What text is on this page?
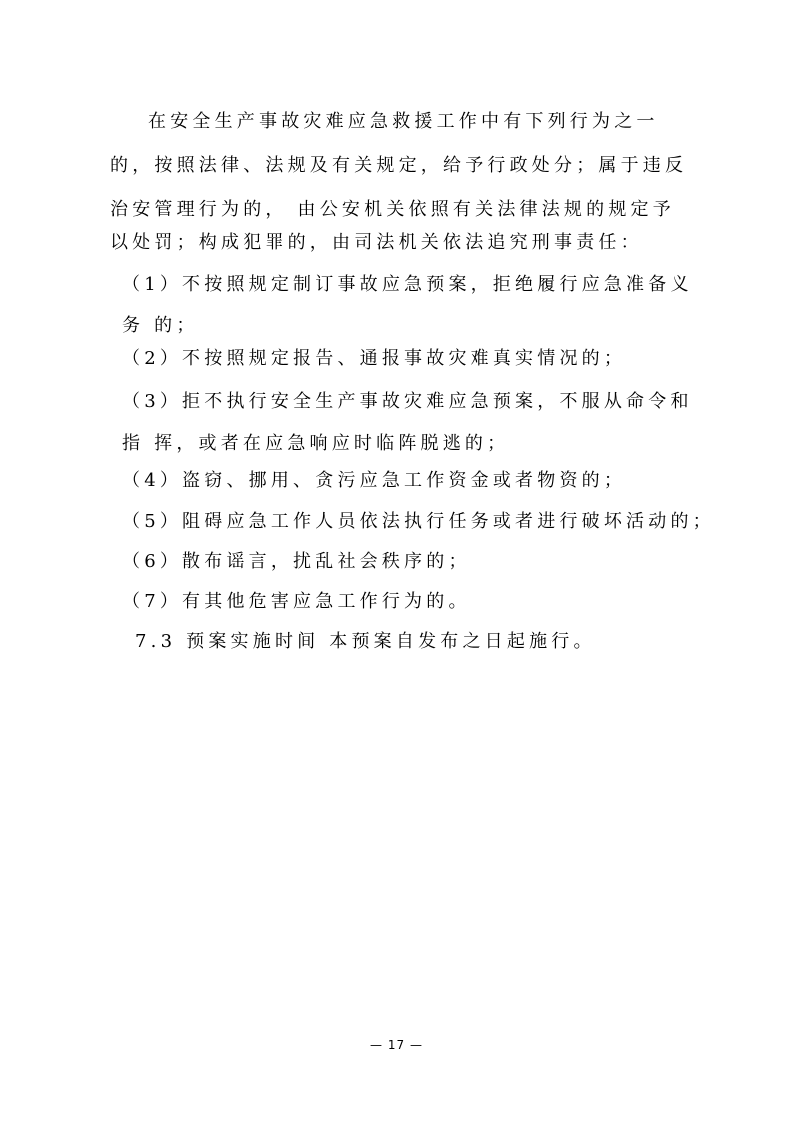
在安全生产事故灾难应急救援工作中有下列行为之一
的，按照法律、法规及有关规定，给予行政处分；属于违反
治安管理行为的， 由公安机关依照有关法律法规的规定予
以处罚；构成犯罪的，由司法机关依法追究刑事责任：
（1）不按照规定制订事故应急预案，拒绝履行应急准备义
务 的；
（2）不按照规定报告、通报事故灾难真实情况的；
（3）拒不执行安全生产事故灾难应急预案，不服从命令和
指 挥，或者在应急响应时临阵脱逃的；
（4）盗窃、挪用、贪污应急工作资金或者物资的；
（5）阻碍应急工作人员依法执行任务或者进行破坏活动的；
（6）散布谣言，扰乱社会秩序的；
（7）有其他危害应急工作行为的。
7.3 预案实施时间 本预案自发布之日起施行。
— 17 —
